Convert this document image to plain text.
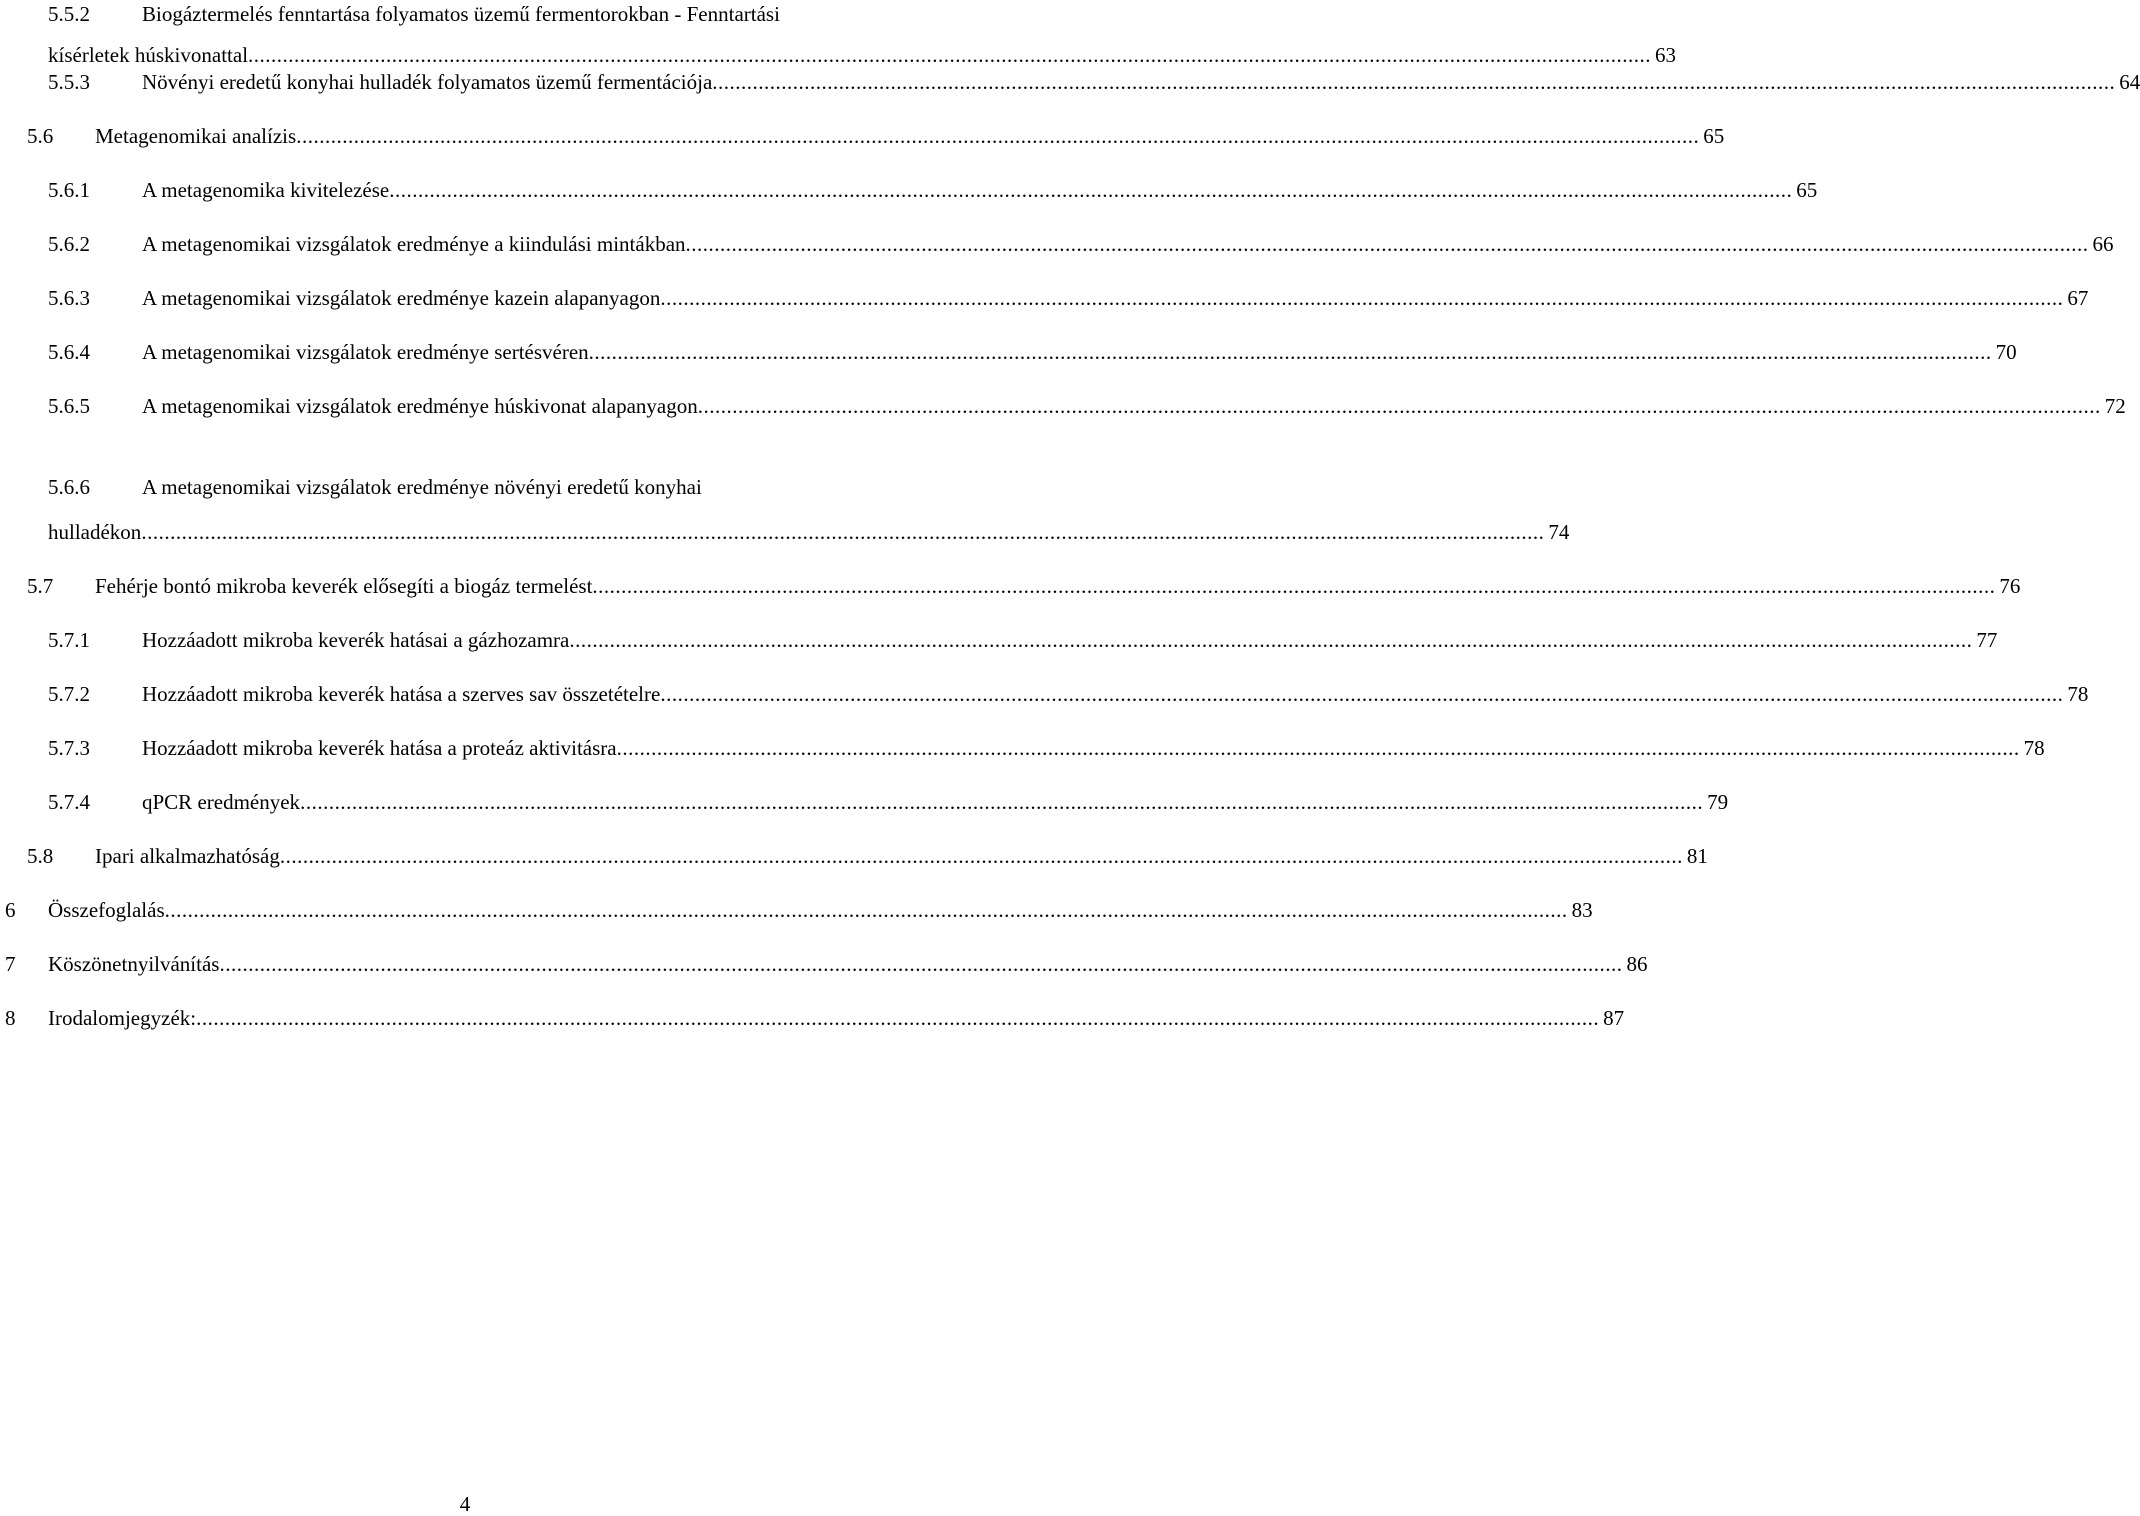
5.5.2 Biogáztermelés fenntartása folyamatos üzemű fermentorokban - Fenntartási
kísérletek húskivonattal .....	63
5.5.3	Növényi eredetű konyhai hulladék folyamatos üzemű fermentációja .....	64
5.6	Metagenomikai analízis .....	65
5.6.1	A metagenomika kivitelezése .....	65
5.6.2	A metagenomikai vizsgálatok eredménye a kiindulási mintákban .....	66
5.6.3	A metagenomikai vizsgálatok eredménye kazein alapanyagon .....	67
5.6.4	A metagenomikai vizsgálatok eredménye sertésvéren .....	70
5.6.5	A metagenomikai vizsgálatok eredménye húskivonat alapanyagon .....	72
5.6.6 A metagenomikai vizsgálatok eredménye növényi eredetű konyhai
hulladékon .....	74
5.7	Fehérje bontó mikroba keverék elősegíti a biogáz termelést .....	76
5.7.1	Hozzáadott mikroba keverék hatásai a gázhozamra .....	77
5.7.2	Hozzáadott mikroba keverék hatása a szerves sav összetételre .....	78
5.7.3	Hozzáadott mikroba keverék hatása a proteáz aktivitásra .....	78
5.7.4	qPCR eredmények .....	79
5.8	Ipari alkalmazhatóság .....	81
6	Összefoglalás .....	83
7	Köszönetnyilvánítás .....	86
8	Irodalomjegyzék: .....	87
4
